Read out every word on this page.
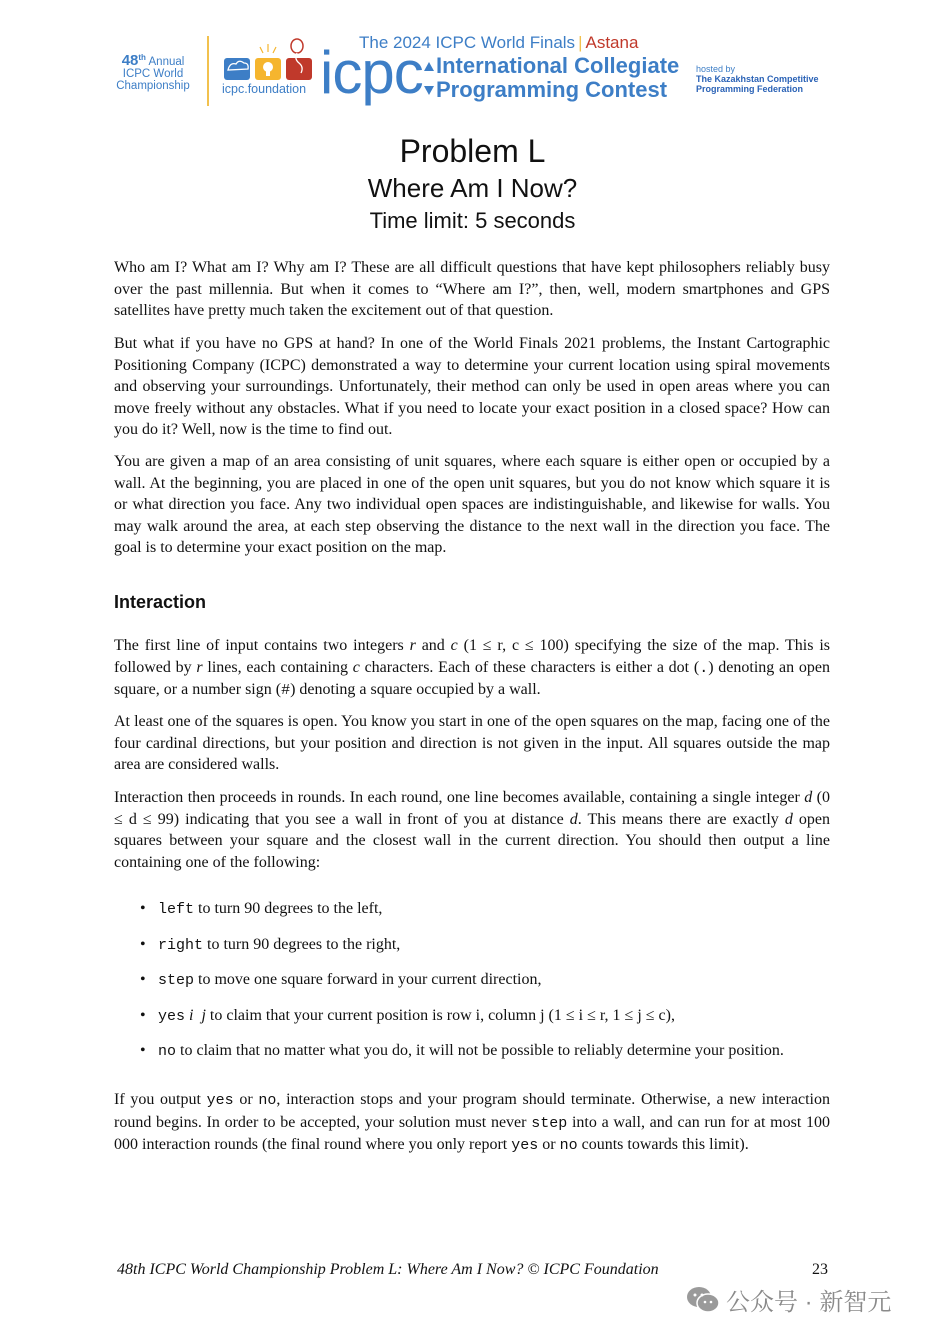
48th Annual
ICPC World
Championship	icpc.foundation icpc
The 2024 ICPC World Finals | Astana
International Collegiate
Programming Contest
hosted by
The Kazakhstan Competitive
Programming Federation
Problem L
Where Am I Now?
Time limit: 5 seconds

Who am I? What am I? Why am I? These are all difficult questions that have kept philosophers reliably busy over the past millennia. But when it comes to “Where am I?”, then, well, modern smartphones and GPS satellites have pretty much taken the excitement out of that question.

But what if you have no GPS at hand? In one of the World Finals 2021 problems, the Instant Cartographic Positioning Company (ICPC) demonstrated a way to determine your current location using spiral movements and observing your surroundings. Unfortunately, their method can only be used in open areas where you can move freely without any obstacles. What if you need to locate your exact position in a closed space? How can you do it? Well, now is the time to find out.

You are given a map of an area consisting of unit squares, where each square is either open or occupied by a wall. At the beginning, you are placed in one of the open unit squares, but you do not know which square it is or what direction you face. Any two individual open spaces are indistinguishable, and likewise for walls. You may walk around the area, at each step observing the distance to the next wall in the direction you face. The goal is to determine your exact position on the map.

Interaction

The first line of input contains two integers r and c (1 ≤ r, c ≤ 100) specifying the size of the map. This is followed by r lines, each containing c characters. Each of these characters is either a dot (.) denoting an open square, or a number sign (#) denoting a square occupied by a wall.

At least one of the squares is open. You know you start in one of the open squares on the map, facing one of the four cardinal directions, but your position and direction is not given in the input. All squares outside the map area are considered walls.

Interaction then proceeds in rounds. In each round, one line becomes available, containing a single integer d (0 ≤ d ≤ 99) indicating that you see a wall in front of you at distance d. This means there are exactly d open squares between your square and the closest wall in the current direction. You should then output a line containing one of the following:

• left to turn 90 degrees to the left,
• right to turn 90 degrees to the right,
• step to move one square forward in your current direction,
• yes i  j to claim that your current position is row i, column j (1 ≤ i ≤ r, 1 ≤ j ≤ c),
• no to claim that no matter what you do, it will not be possible to reliably determine your position.

If you output yes or no, interaction stops and your program should terminate. Otherwise, a new interaction round begins. In order to be accepted, your solution must never step into a wall, and can run for at most 100 000 interaction rounds (the final round where you only report yes or no counts towards this limit).

48th ICPC World Championship Problem L: Where Am I Now? © ICPC Foundation	23
公众号 · 新智元
